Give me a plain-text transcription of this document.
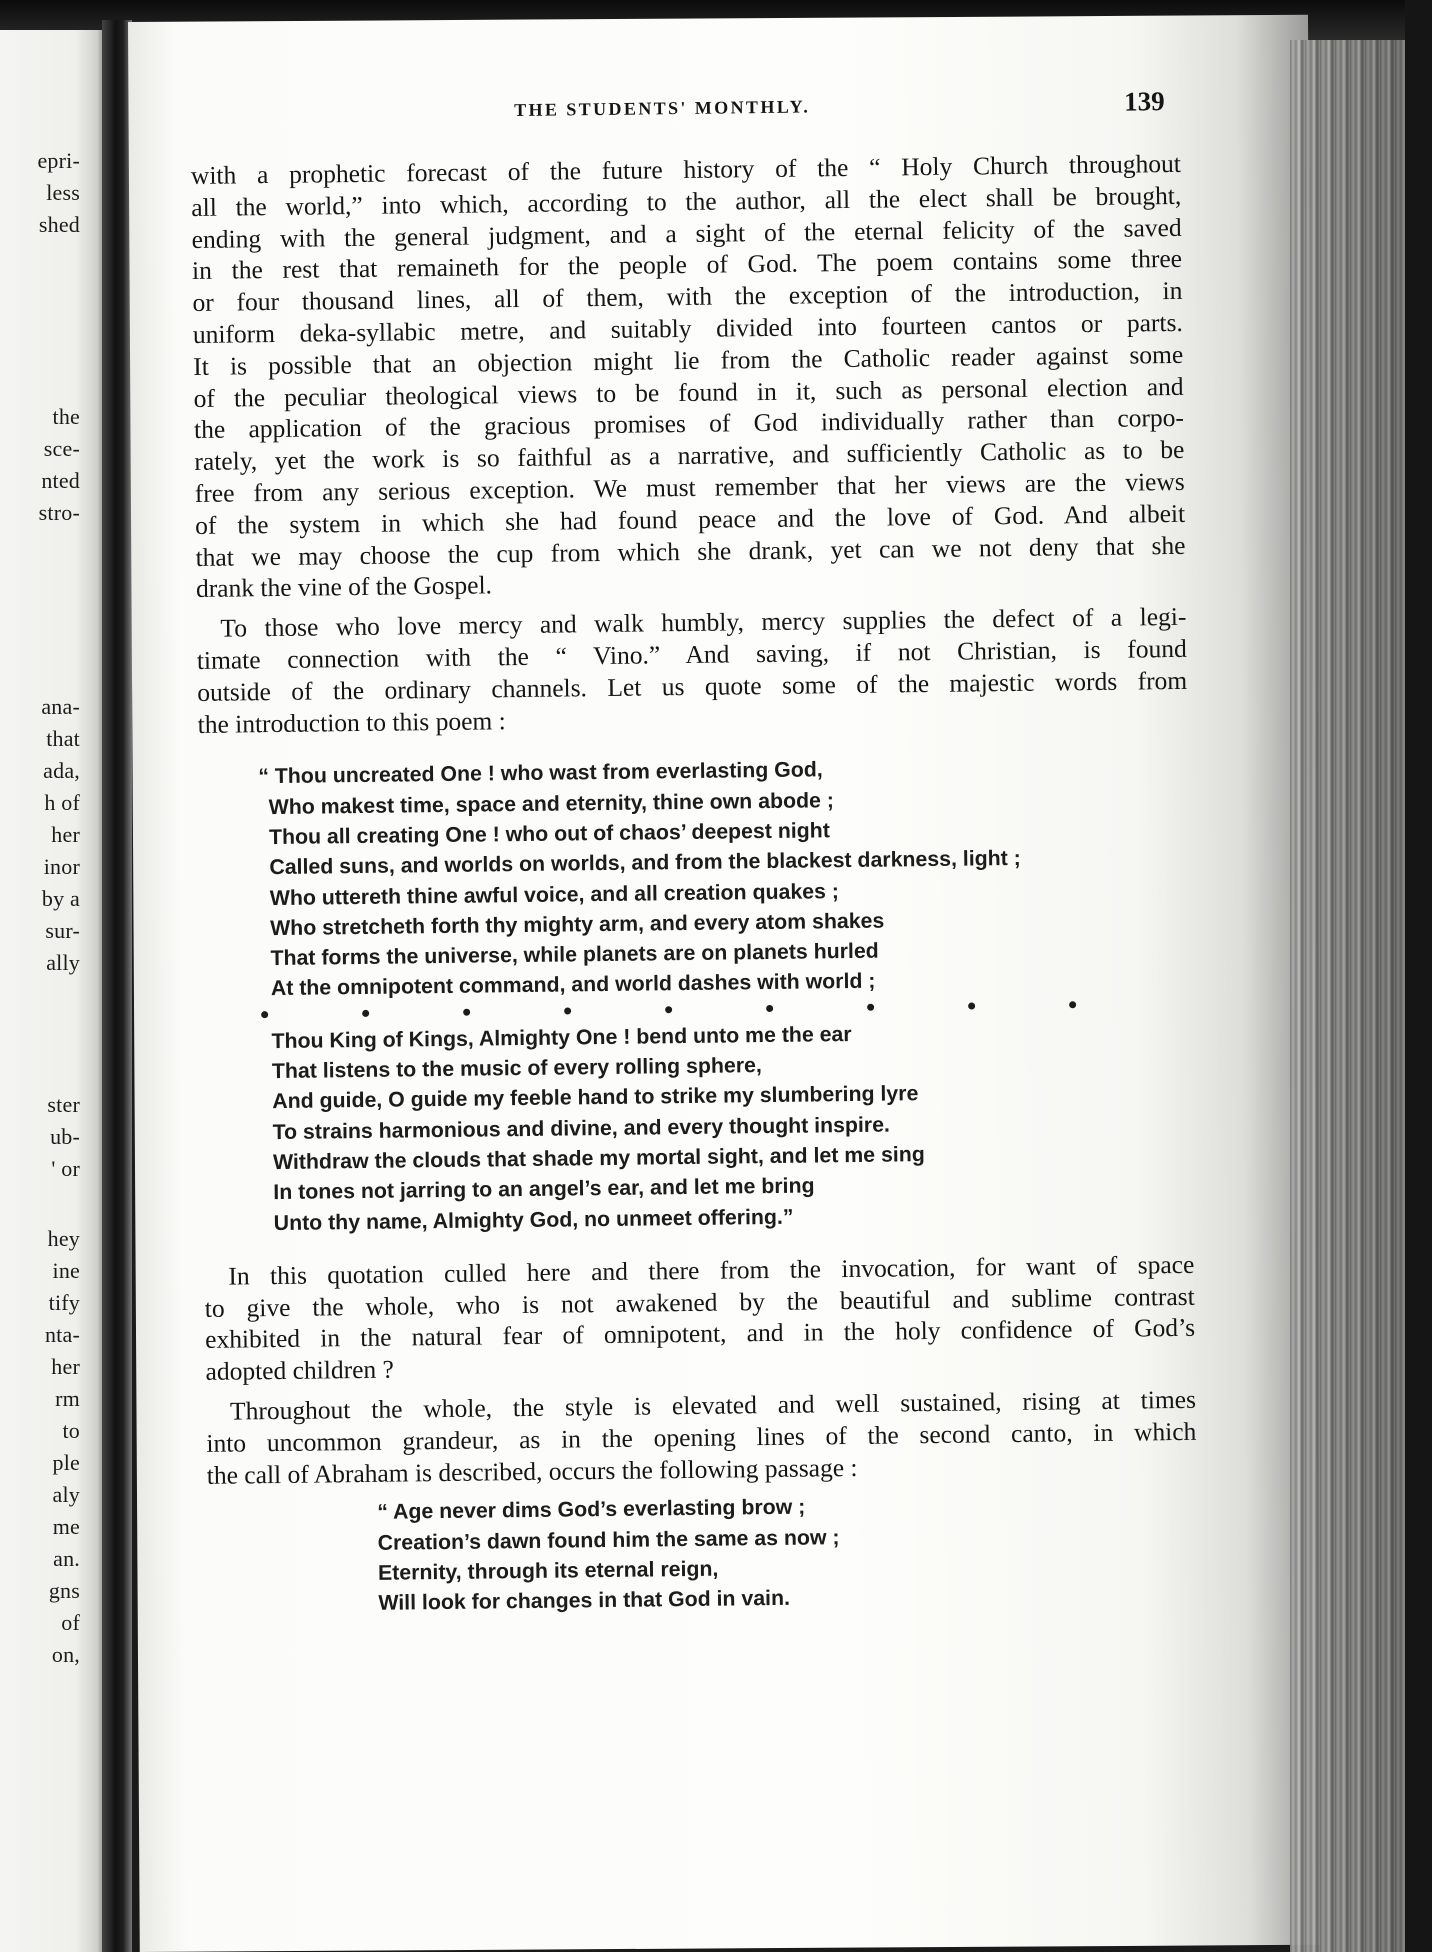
epri-
less
shed
the
sce-
nted
stro-
ana-
that
ada,
h of
her
inor
by a
sur-
ally
ster
ub-
' or
hey
ine
tify
nta-
her
rm
to
ple
aly
me
an.
gns
of
on,
THE STUDENTS' MONTHLY.	139
with a prophetic forecast of the future history of the “ Holy Church throughout
all the world,” into which, according to the author, all the elect shall be brought,
ending with the general judgment, and a sight of the eternal felicity of the saved
in the rest that remaineth for the people of God. The poem contains some three
or four thousand lines, all of them, with the exception of the introduction, in
uniform deka-syllabic metre, and suitably divided into fourteen cantos or parts.
It is possible that an objection might lie from the Catholic reader against some
of the peculiar theological views to be found in it, such as personal election and
the application of the gracious promises of God individually rather than corpo-
rately, yet the work is so faithful as a narrative, and sufficiently Catholic as to be
free from any serious exception. We must remember that her views are the views
of the system in which she had found peace and the love of God. And albeit
that we may choose the cup from which she drank, yet can we not deny that she
drank the vine of the Gospel.
To those who love mercy and walk humbly, mercy supplies the defect of a legi-
timate connection with the “ Vino.” And saving, if not Christian, is found
outside of the ordinary channels. Let us quote some of the majestic words from
the introduction to this poem :
“ Thou uncreated One ! who wast from everlasting God,
Who makest time, space and eternity, thine own abode ;
Thou all creating One ! who out of chaos’ deepest night
Called suns, and worlds on worlds, and from the blackest darkness, light ;
Who uttereth thine awful voice, and all creation quakes ;
Who stretcheth forth thy mighty arm, and every atom shakes
That forms the universe, while planets are on planets hurled
At the omnipotent command, and world dashes with world ;
Thou King of Kings, Almighty One ! bend unto me the ear
That listens to the music of every rolling sphere,
And guide, O guide my feeble hand to strike my slumbering lyre
To strains harmonious and divine, and every thought inspire.
Withdraw the clouds that shade my mortal sight, and let me sing
In tones not jarring to an angel’s ear, and let me bring
Unto thy name, Almighty God, no unmeet offering.”
In this quotation culled here and there from the invocation, for want of space
to give the whole, who is not awakened by the beautiful and sublime contrast
exhibited in the natural fear of omnipotent, and in the holy confidence of God’s
adopted children ?
Throughout the whole, the style is elevated and well sustained, rising at times
into uncommon grandeur, as in the opening lines of the second canto, in which
the call of Abraham is described, occurs the following passage :
“ Age never dims God’s everlasting brow ;
Creation’s dawn found him the same as now ;
Eternity, through its eternal reign,
Will look for changes in that God in vain.
